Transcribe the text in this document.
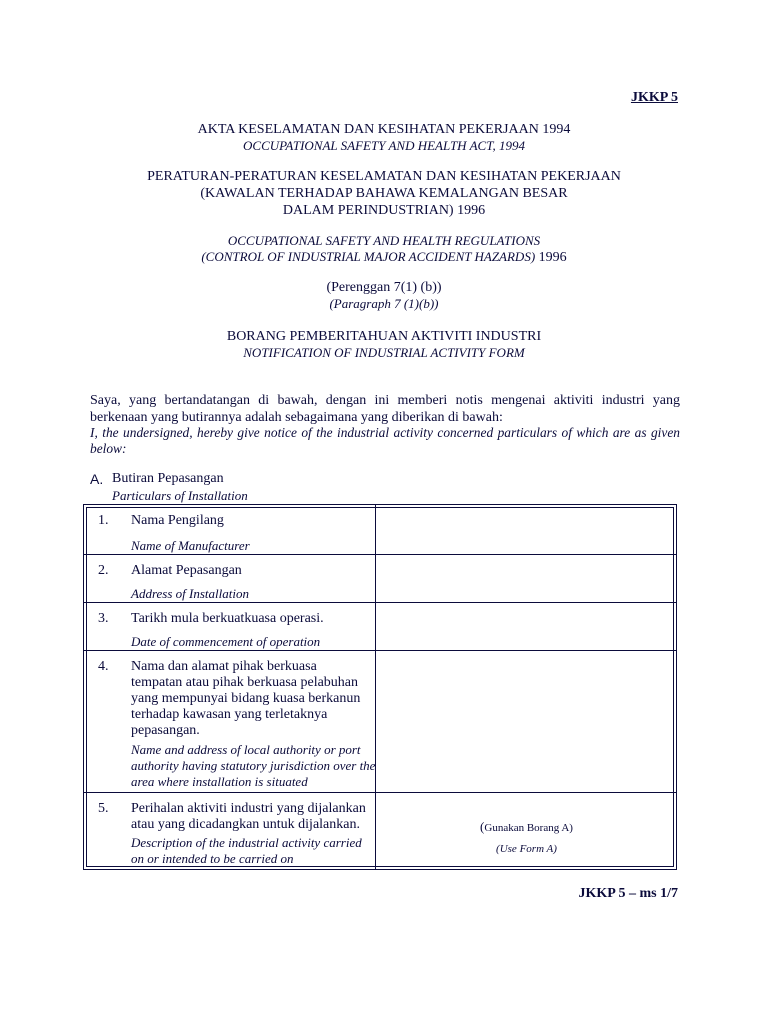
JKKP 5
AKTA KESELAMATAN DAN KESIHATAN PEKERJAAN 1994
OCCUPATIONAL SAFETY AND HEALTH ACT, 1994
PERATURAN-PERATURAN KESELAMATAN DAN KESIHATAN PEKERJAAN
(KAWALAN TERHADAP BAHAWA KEMALANGAN BESAR
DALAM PERINDUSTRIAN) 1996
OCCUPATIONAL SAFETY AND HEALTH REGULATIONS
(CONTROL OF INDUSTRIAL MAJOR ACCIDENT HAZARDS) 1996
(Perenggan 7(1) (b))
(Paragraph 7 (1)(b))
BORANG PEMBERITAHUAN AKTIVITI INDUSTRI
NOTIFICATION OF INDUSTRIAL ACTIVITY FORM
Saya, yang bertandatangan di bawah, dengan ini memberi notis mengenai aktiviti industri yang berkenaan yang butirannya adalah sebagaimana yang diberikan di bawah:
I, the undersigned, hereby give notice of the industrial activity concerned particulars of which are as given below:
A. Butiran Pepasangan
Particulars of Installation
1. Nama Pengilang
Name of Manufacturer
2. Alamat Pepasangan
Address of Installation
3. Tarikh mula berkuatkuasa operasi.
Date of commencement of operation
4. Nama dan alamat pihak berkuasa tempatan atau pihak berkuasa pelabuhan yang mempunyai bidang kuasa berkanun terhadap kawasan yang terletaknya pepasangan.
Name and address of local authority or port authority having statutory jurisdiction over the area where installation is situated
5. Perihalan aktiviti industri yang dijalankan atau yang dicadangkan untuk dijalankan.
Description of the industrial activity carried on or intended to be carried on
(Gunakan Borang A)
(Use Form A)
JKKP 5 – ms 1/7
